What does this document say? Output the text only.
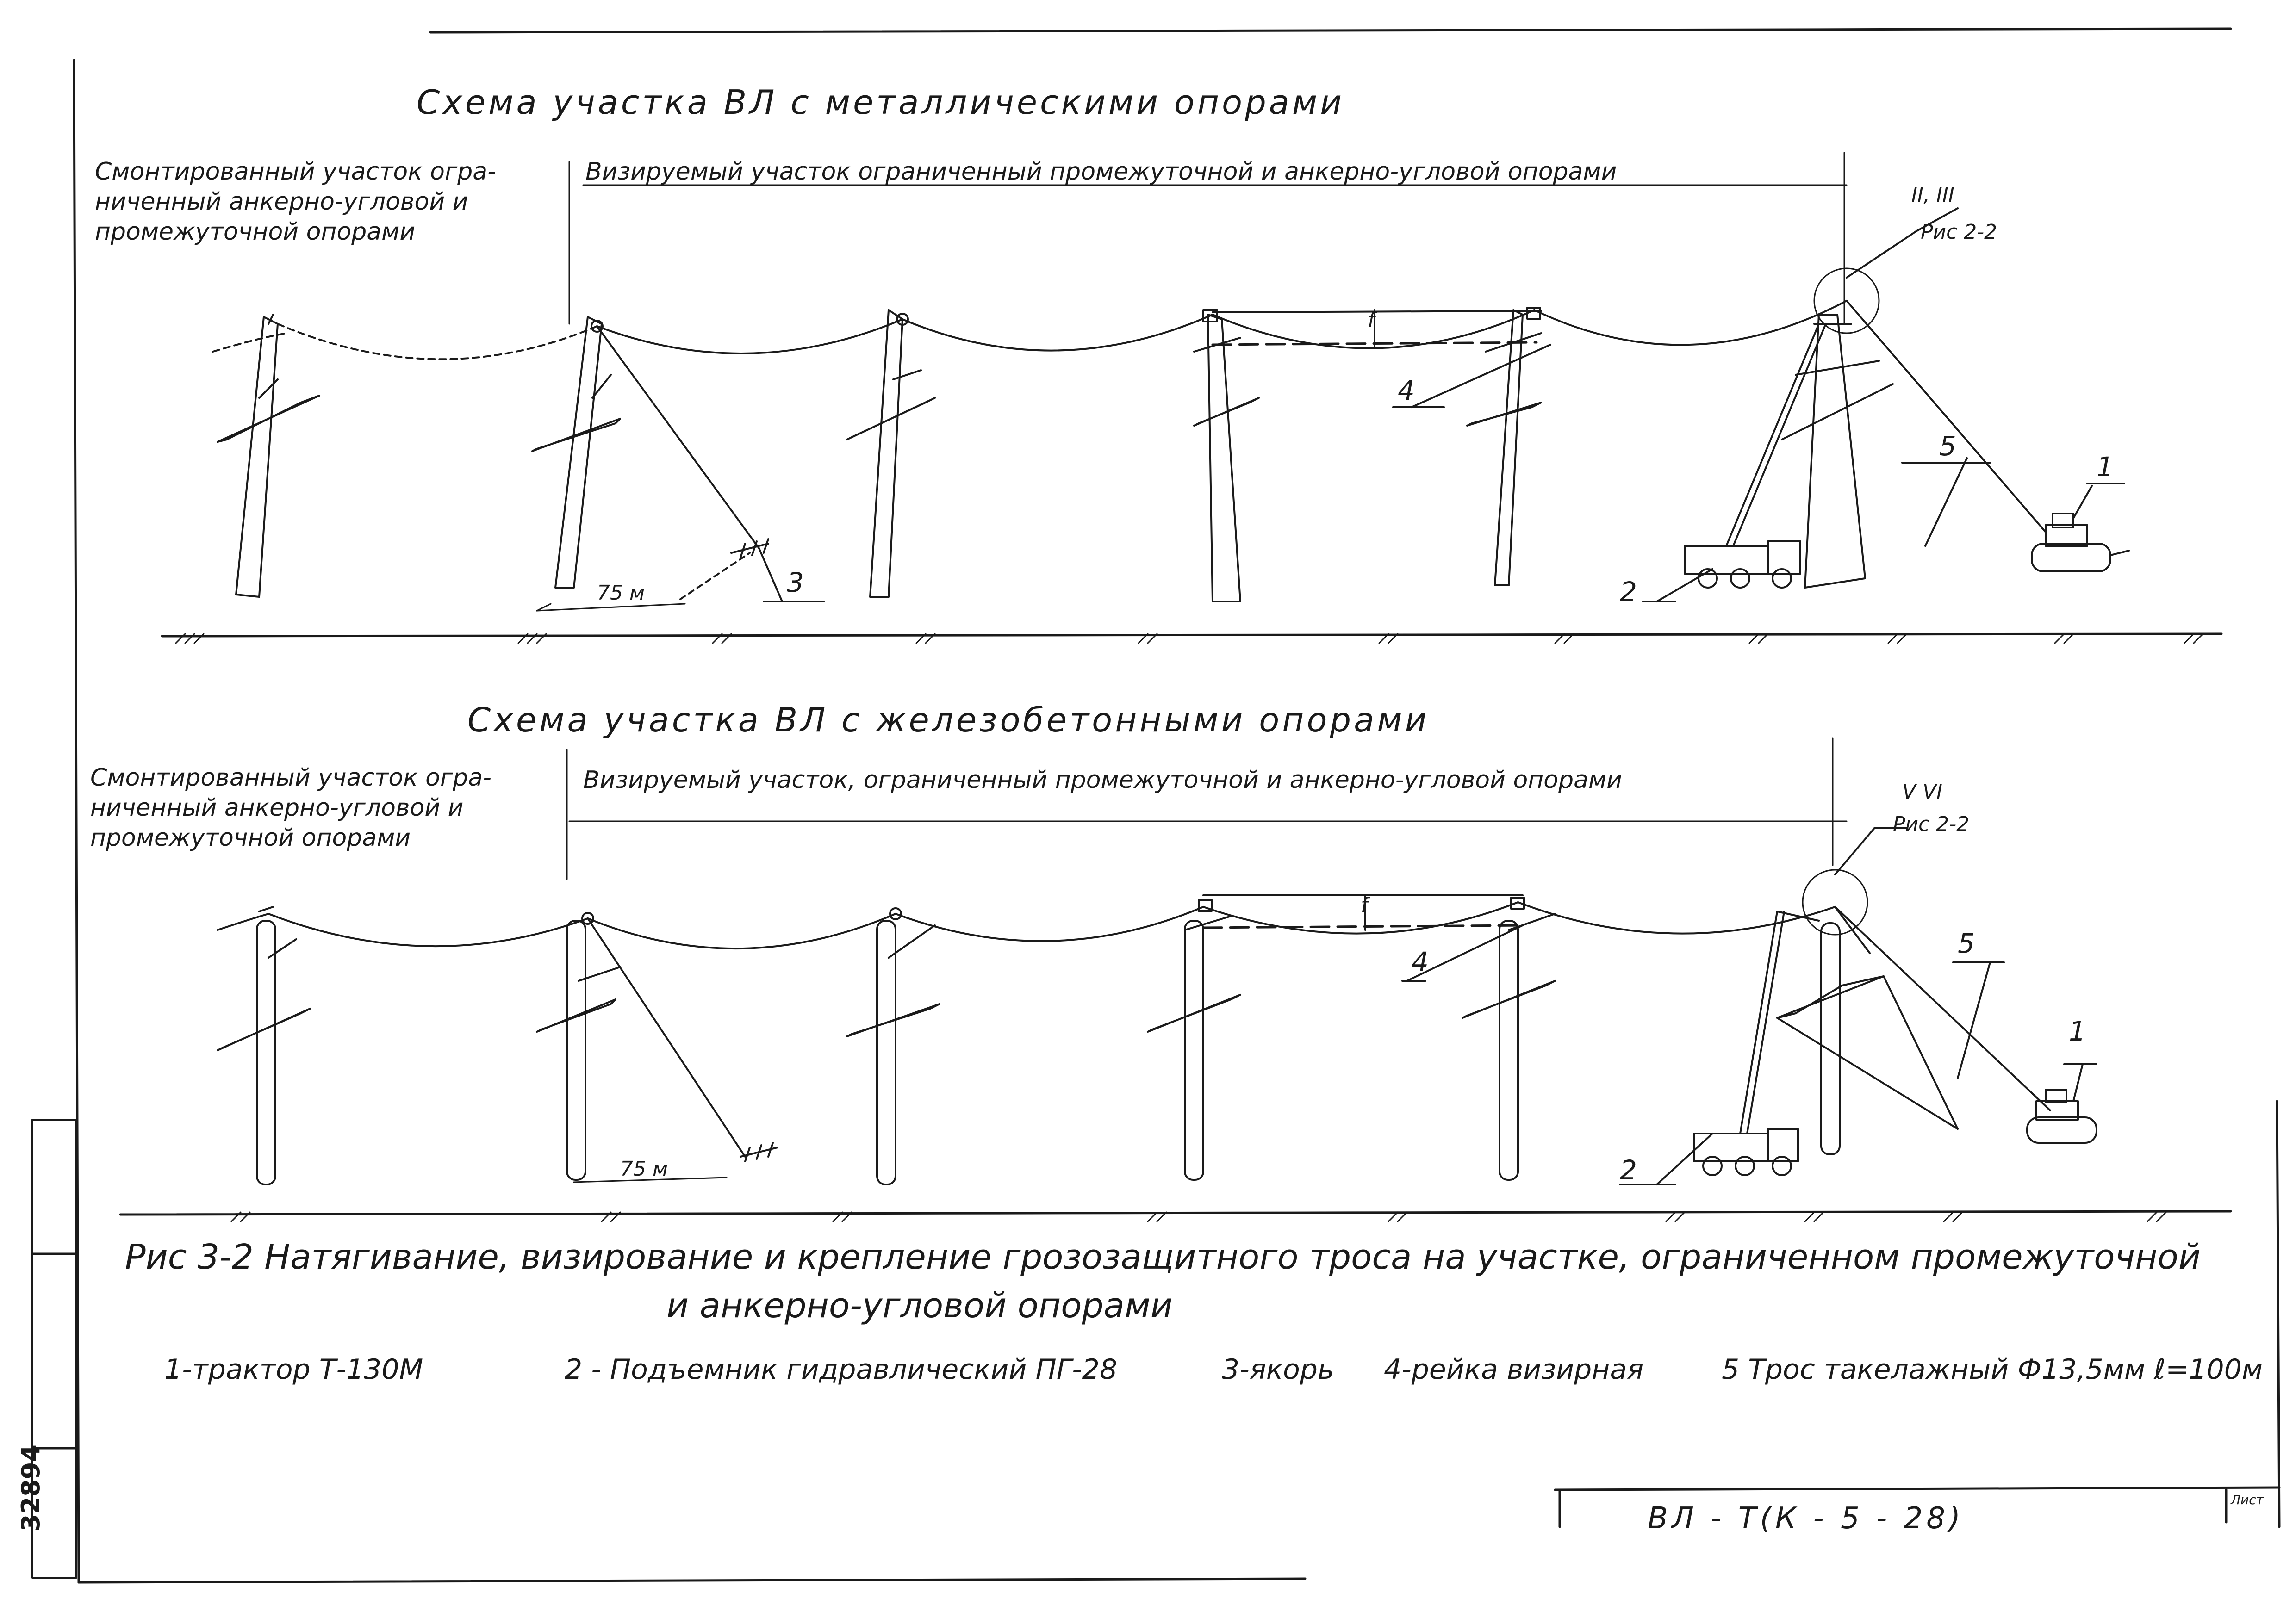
Схема участка ВЛ с металлическими опорами
Смонтированный участок огра-
ниченный анкерно-угловой и
промежуточной опорами
Визируемый участок ограниченный промежуточной и анкерно-угловой опорами
II, III
Рис 2-2
f
4
5
1
2
3
75 м
Схема участка ВЛ с железобетонными опорами
Смонтированный участок огра-
ниченный анкерно-угловой и
промежуточной опорами
Визируемый участок, ограниченный промежуточной и анкерно-угловой опорами	V VI
Рис 2-2
f
4
5
1
2
75 м
Рис 3-2 Натягивание, визирование и крепление грозозащитного троса на участке, ограниченном промежуточной
и анкерно-угловой опорами
1-трактор Т-130М	2 - Подъемник гидравлический ПГ-28	3-якорь 4-рейка визирная	5 Трос такелажный Ф13,5мм ℓ=100м
ВЛ - Т(К - 5 - 28)
Лист
32894
